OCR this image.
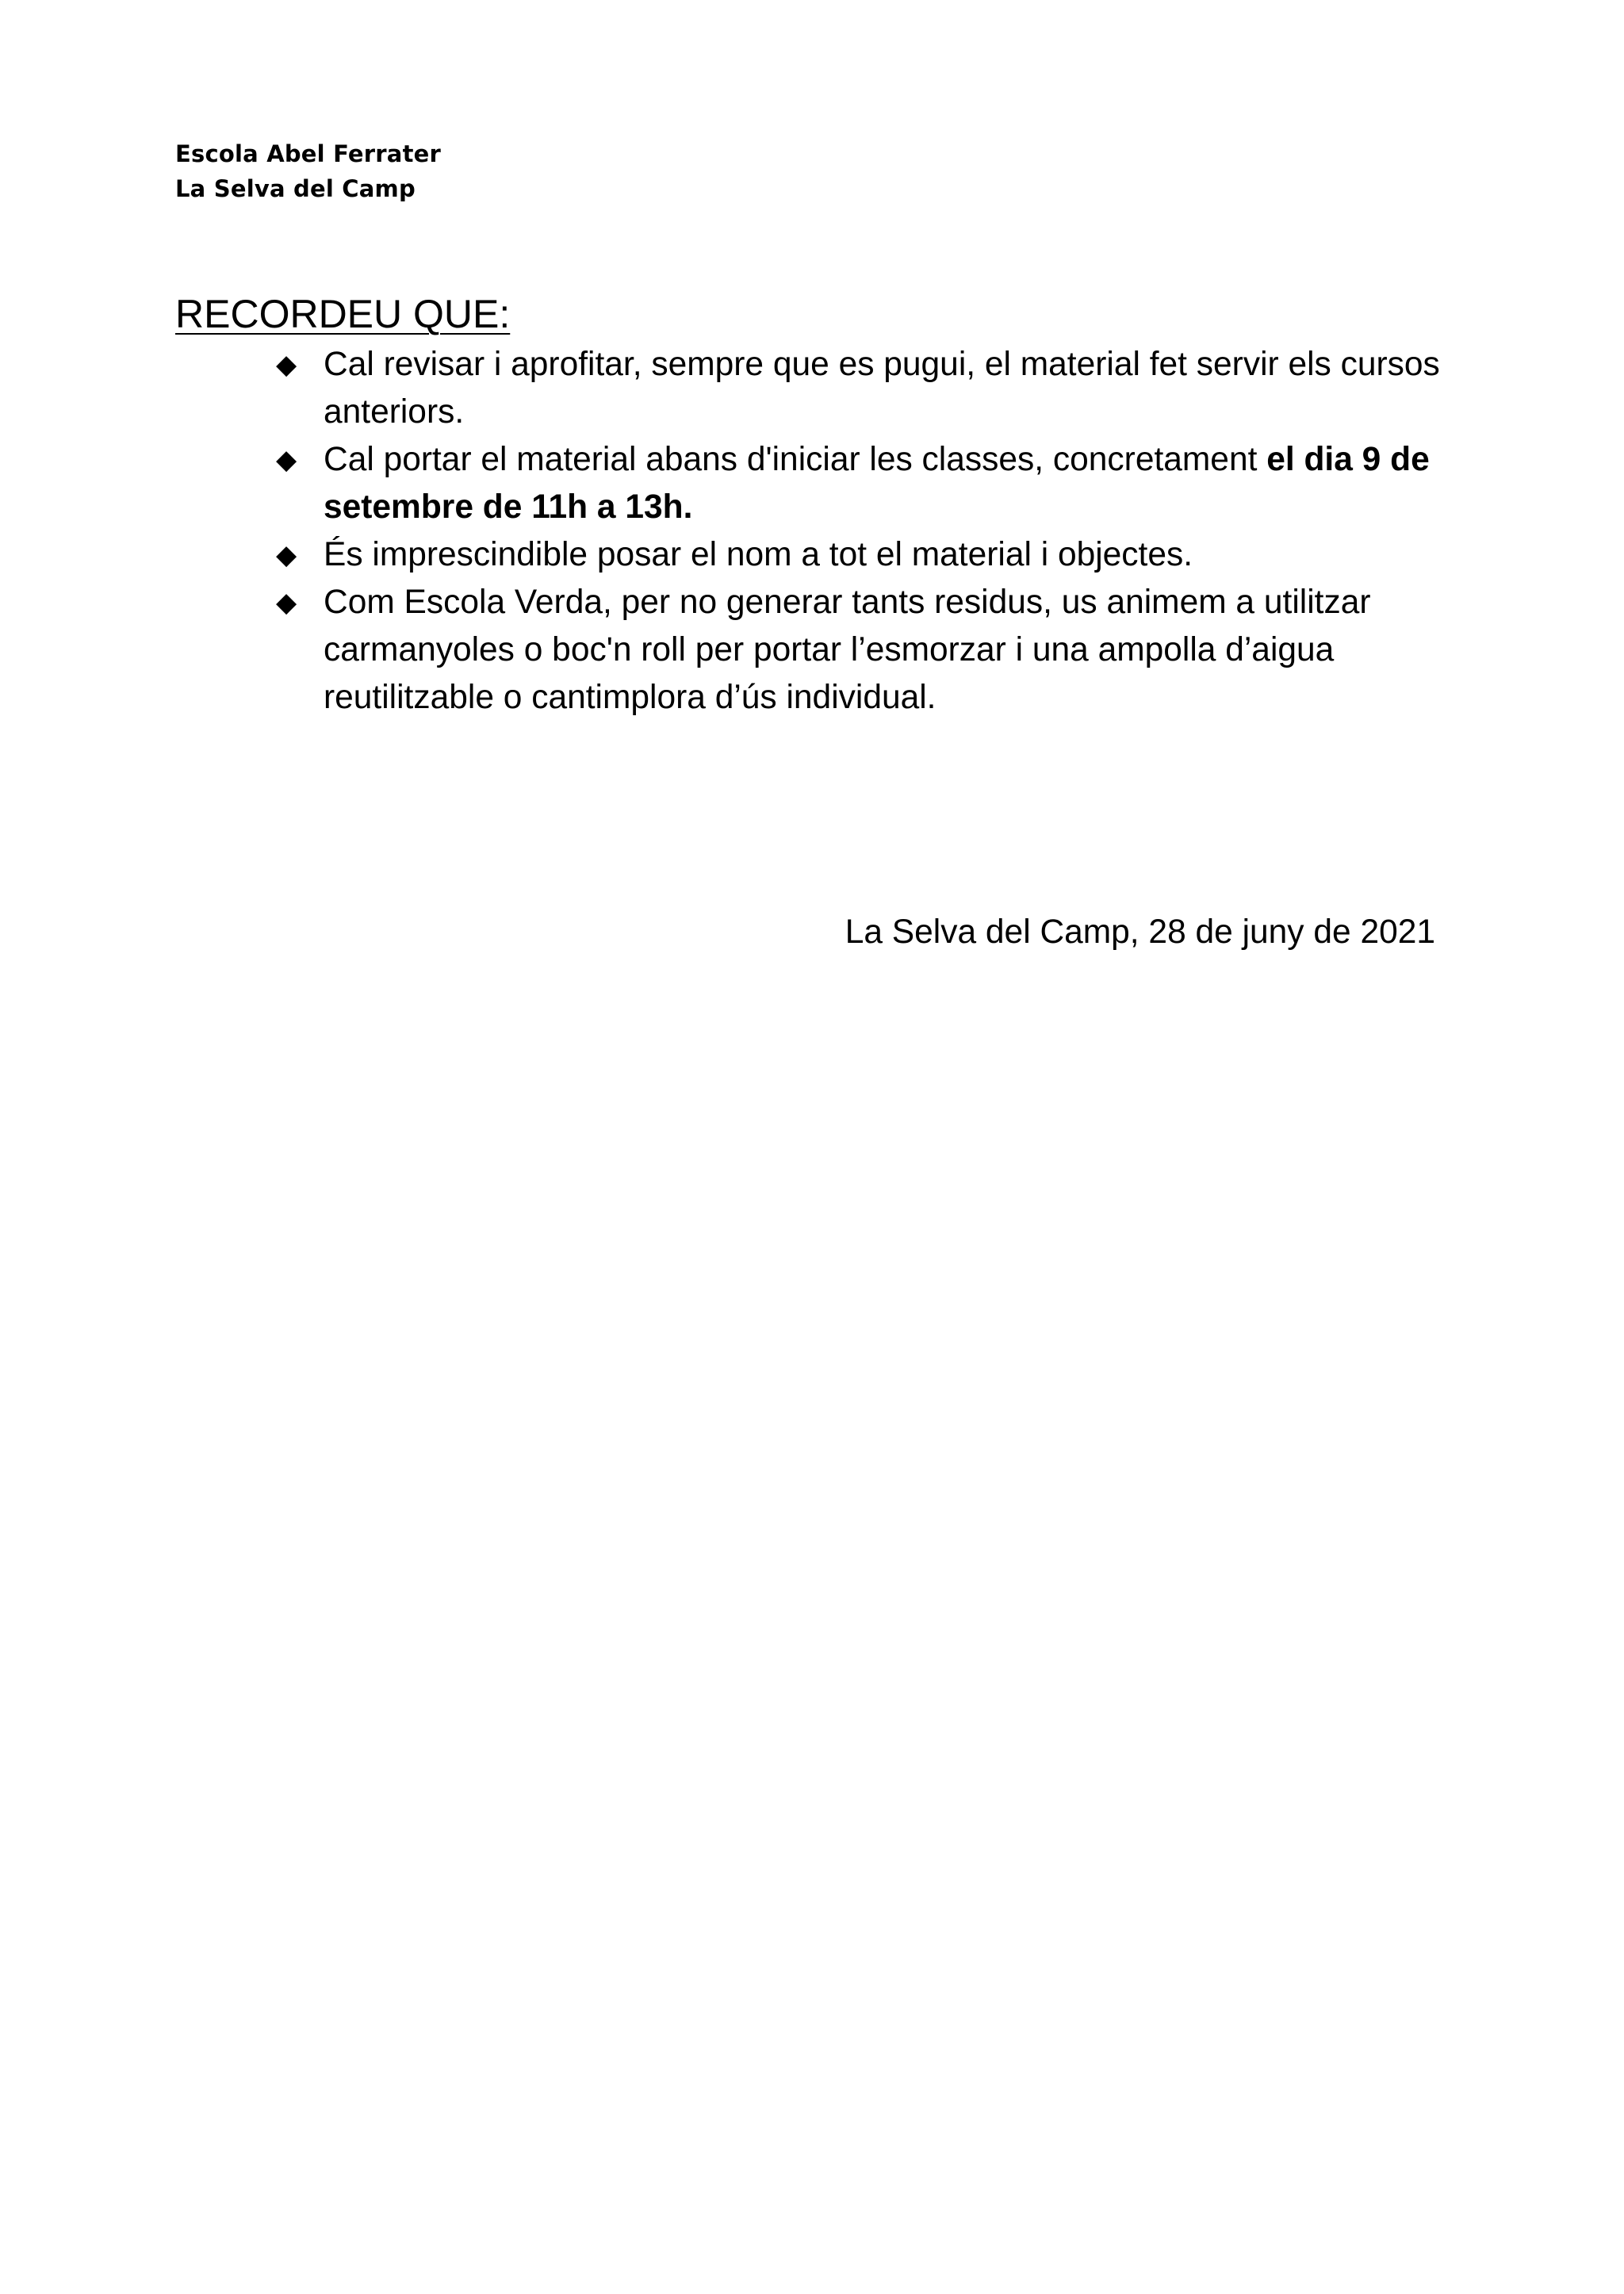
Escola Abel Ferrater
La Selva del Camp
RECORDEU QUE:
◆ Cal revisar i aprofitar, sempre que es pugui, el material fet servir els cursos anteriors.
◆ Cal portar el material abans d'iniciar les classes, concretament el dia 9 de setembre de 11h a 13h.
◆ És imprescindible posar el nom a tot el material i objectes.
◆ Com Escola Verda, per no generar tants residus, us animem a utilitzar carmanyoles o boc'n roll per portar l’esmorzar i una ampolla d’aigua reutilitzable o cantimplora d’ús individual.
La Selva del Camp, 28 de juny de 2021
